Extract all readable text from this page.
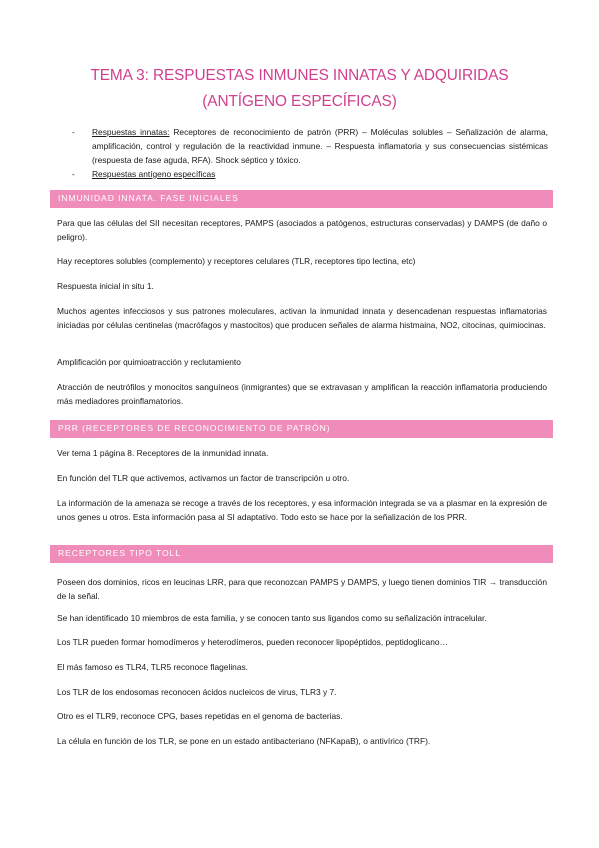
TEMA 3: RESPUESTAS INMUNES INNATAS Y ADQUIRIDAS
(ANTÍGENO ESPECÍFICAS)
- Respuestas innatas: Receptores de reconocimiento de patrón (PRR) – Moléculas solubles – Señalización de alarma, amplificación, control y regulación de la reactividad inmune. – Respuesta inflamatoria y sus consecuencias sistémicas (respuesta de fase aguda, RFA). Shock séptico y tóxico.
- Respuestas antígeno específicas
INMUNIDAD INNATA. FASE INICIALES
Para que las células del SII necesitan receptores, PAMPS (asociados a patógenos, estructuras conservadas) y DAMPS (de daño o peligro).
Hay receptores solubles (complemento) y receptores celulares (TLR, receptores tipo lectina, etc)
Respuesta inicial in situ 1.
Muchos agentes infecciosos y sus patrones moleculares, activan la inmunidad innata y desencadenan respuestas inflamatorias iniciadas por células centinelas (macrófagos y mastocitos) que producen señales de alarma histmaina, NO2, citocinas, quimiocinas.
Amplificación por quimioatracción y reclutamiento
Atracción de neutrófilos y monocitos sanguíneos (inmigrantes) que se extravasan y amplifican la reacción inflamatoria produciendo más mediadores proinflamatorios.
PRR (RECEPTORES DE RECONOCIMIENTO DE PATRÓN)
Ver tema 1 página 8. Receptores de la inmunidad innata.
En función del TLR que activemos, activamos un factor de transcripción u otro.
La información de la amenaza se recoge a través de los receptores, y esa información integrada se va a plasmar en la expresión de unos genes u otros. Esta información pasa al SI adaptativo. Todo esto se hace por la señalización de los PRR.
RECEPTORES TIPO TOLL
Poseen dos dominios, ricos en leucinas LRR, para que reconozcan PAMPS y DAMPS, y luego tienen dominios TIR → transducción de la señal.
Se han identificado 10 miembros de esta familia, y se conocen tanto sus ligandos como su señalización intracelular.
Los TLR pueden formar homodímeros y heterodímeros, pueden reconocer lipopéptidos, peptidoglicano…
El más famoso es TLR4, TLR5 reconoce flagelinas.
Los TLR de los endosomas reconocen ácidos nucleicos de virus, TLR3 y 7.
Otro es el TLR9, reconoce CPG, bases repetidas en el genoma de bacterias.
La célula en función de los TLR, se pone en un estado antibacteriano (NFKapaB), o antivírico (TRF).
